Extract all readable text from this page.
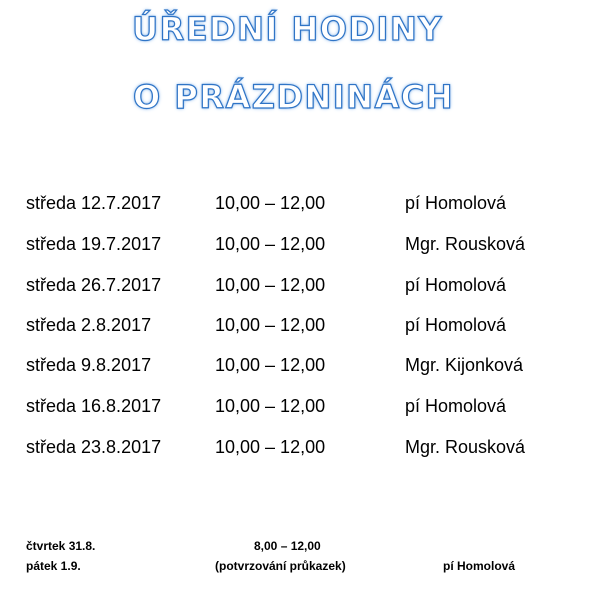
ÚŘEDNÍ HODINY
O PRÁZDNINÁCH
středa 12.7.2017	10,00 – 12,00	pí Homolová
středa 19.7.2017	10,00 – 12,00	Mgr. Rousková
středa 26.7.2017	10,00 – 12,00	pí Homolová
středa 2.8.2017	10,00 – 12,00	pí Homolová
středa 9.8.2017	10,00 – 12,00	Mgr. Kijonková
středa 16.8.2017	10,00 – 12,00	pí Homolová
středa 23.8.2017	10,00 – 12,00	Mgr. Rousková
čtvrtek 31.8.	8,00 – 12,00
pátek 1.9.	(potvrzování průkazek)	pí Homolová
